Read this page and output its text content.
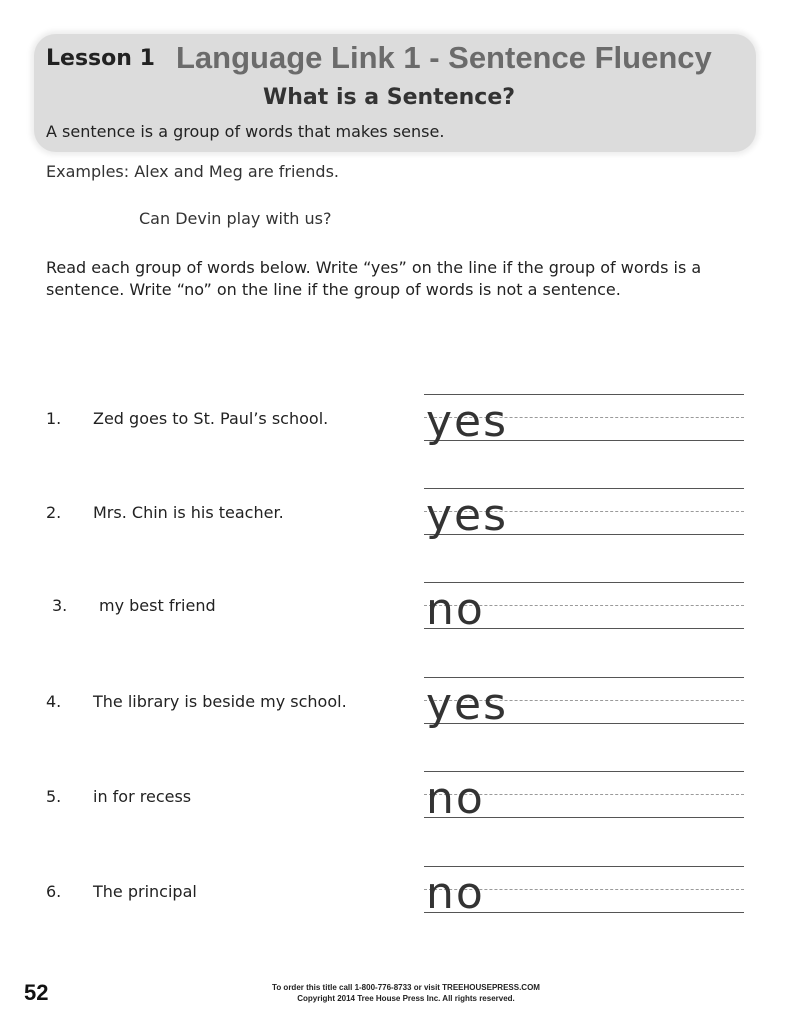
Lesson 1 Language Link 1 - Sentence Fluency
What is a Sentence?
A sentence is a group of words that makes sense.
Examples: Alex and Meg are friends.
Can Devin play with us?
Read each group of words below. Write “yes” on the line if the group of words is a sentence. Write “no” on the line if the group of words is not a sentence.
1. Zed goes to St. Paul’s school. yes
2. Mrs. Chin is his teacher.	yes
3. my best friend	no
4. The library is beside my school. yes
5. in for recess	no
6. The principal	no
52	To order this title call 1-800-776-8733 or visit TREEHOUSEPRESS.COM
Copyright 2014 Tree House Press Inc. All rights reserved.
